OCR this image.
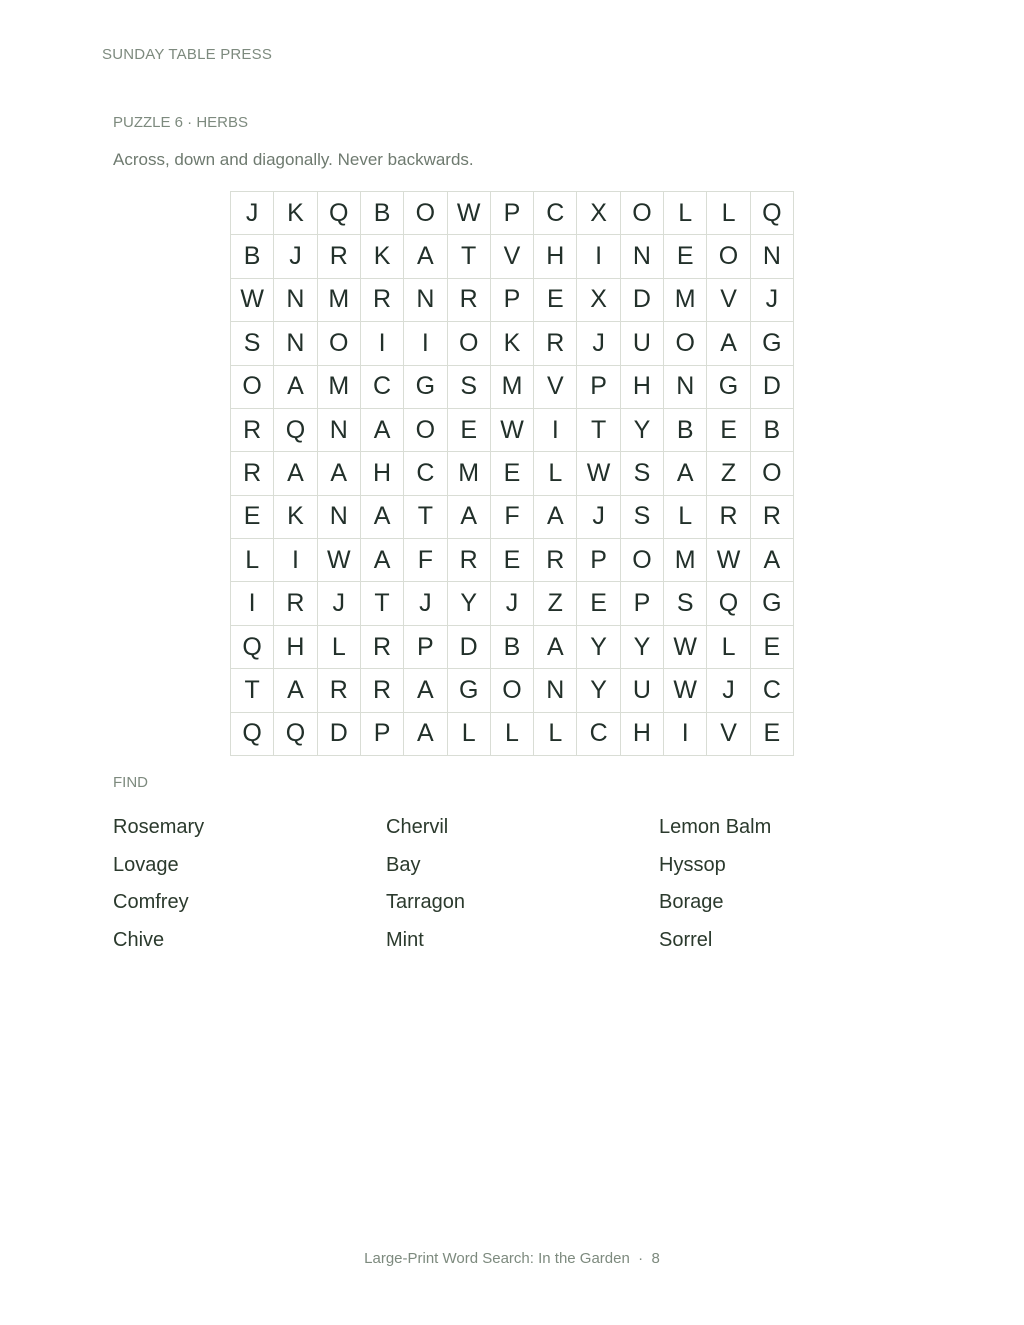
SUNDAY TABLE PRESS
PUZZLE 6 · HERBS
Across, down and diagonally. Never backwards.
J	K	Q	B	O W P	C	X	O	L	L	Q
B	J	R	K	A	T	V	H	I	N	E	O N
W N M R	N	R	P	E	X	D M V	J
S	N O	I	I	O	K	R	J	U O	A	G
O	A M C G	S M V	P	H	N G D
R Q N	A	O	E W	I	T	Y	B	E	B
R	A	A	H	C M E	L W S	A	Z	O
E	K	N	A	T	A	F	A	J	S	L	R	R
L	I	W A	F	R	E	R	P	O M W A
I	R	J	T	J	Y	J	Z	E	P	S	Q G
Q H	L	R	P	D	B	A	Y	Y W L	E
T	A	R	R	A	G O N	Y	U W	J	C
Q Q D	P	A	L	L	L	C	H	I	V	E
FIND
Rosemary	Chervil	Lemon Balm
Lovage	Bay	Hyssop
Comfrey	Tarragon	Borage
Chive	Mint	Sorrel
Large-Print Word Search: In the Garden  ·  8
